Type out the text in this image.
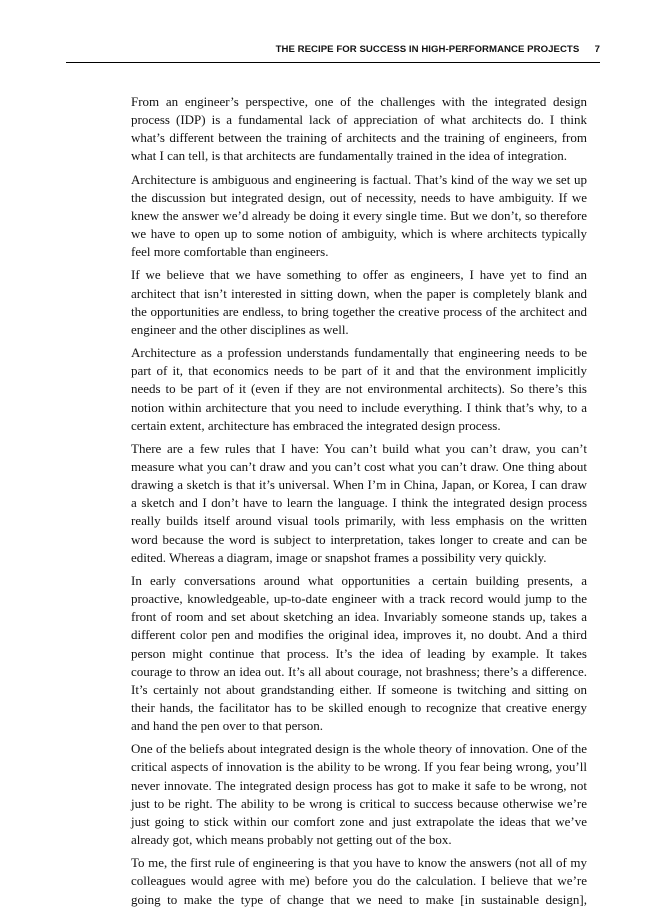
THE RECIPE FOR SUCCESS IN HIGH-PERFORMANCE PROJECTS 7

From an engineer’s perspective, one of the challenges with the integrated design process (IDP) is a fundamental lack of appreciation of what architects do. I think what’s different between the training of architects and the training of engineers, from what I can tell, is that architects are fundamentally trained in the idea of integration.

Architecture is ambiguous and engineering is factual. That’s kind of the way we set up the discussion but integrated design, out of necessity, needs to have ambiguity. If we knew the answer we’d already be doing it every single time. But we don’t, so therefore we have to open up to some notion of ambiguity, which is where architects typically feel more comfortable than engineers.

If we believe that we have something to offer as engineers, I have yet to find an architect that isn’t interested in sitting down, when the paper is completely blank and the opportunities are endless, to bring together the creative process of the architect and engineer and the other disciplines as well.

Architecture as a profession understands fundamentally that engineering needs to be part of it, that economics needs to be part of it and that the environment implicitly needs to be part of it (even if they are not environmental architects). So there’s this notion within architecture that you need to include everything. I think that’s why, to a certain extent, architecture has embraced the integrated design process.

There are a few rules that I have: You can’t build what you can’t draw, you can’t measure what you can’t draw and you can’t cost what you can’t draw. One thing about drawing a sketch is that it’s universal. When I’m in China, Japan, or Korea, I can draw a sketch and I don’t have to learn the language. I think the integrated design process really builds itself around visual tools primarily, with less emphasis on the written word because the word is subject to interpretation, takes longer to create and can be edited. Whereas a diagram, image or snapshot frames a possibility very quickly.

In early conversations around what opportunities a certain building presents, a proactive, knowledgeable, up-to-date engineer with a track record would jump to the front of room and set about sketching an idea. Invariably someone stands up, takes a different color pen and modifies the original idea, improves it, no doubt. And a third person might continue that process. It’s the idea of leading by example. It takes courage to throw an idea out. It’s all about courage, not brashness; there’s a difference. It’s certainly not about grandstanding either. If someone is twitching and sitting on their hands, the facilitator has to be skilled enough to recognize that creative energy and hand the pen over to that person.

One of the beliefs about integrated design is the whole theory of innovation. One of the critical aspects of innovation is the ability to be wrong. If you fear being wrong, you’ll never innovate. The integrated design process has got to make it safe to be wrong, not just to be right. The ability to be wrong is critical to success because otherwise we’re just going to stick within our comfort zone and just extrapolate the ideas that we’ve already got, which means probably not getting out of the box.

To me, the first rule of engineering is that you have to know the answers (not all of my colleagues would agree with me) before you do the calculation. I believe that we’re going to make the type of change that we need to make [in sustainable design],
